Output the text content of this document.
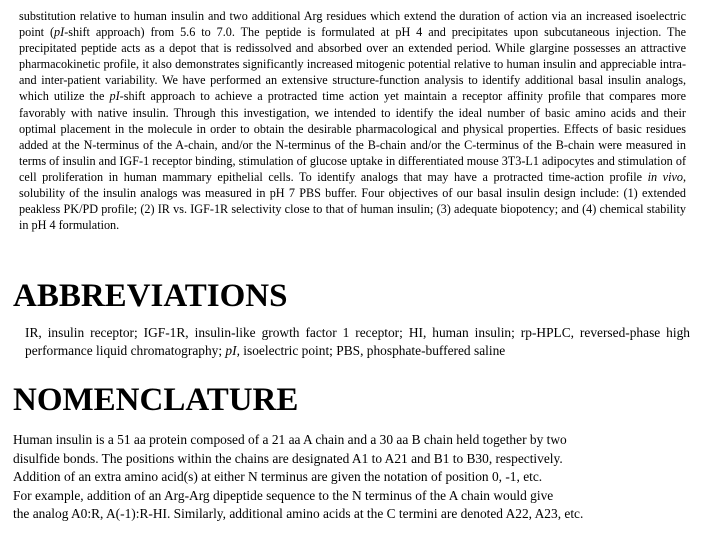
substitution relative to human insulin and two additional Arg residues which extend the duration of action via an increased isoelectric point (pI-shift approach) from 5.6 to 7.0. The peptide is formulated at pH 4 and precipitates upon subcutaneous injection. The precipitated peptide acts as a depot that is redissolved and absorbed over an extended period. While glargine possesses an attractive pharmacokinetic profile, it also demonstrates significantly increased mitogenic potential relative to human insulin and appreciable intra- and inter-patient variability. We have performed an extensive structure-function analysis to identify additional basal insulin analogs, which utilize the pI-shift approach to achieve a protracted time action yet maintain a receptor affinity profile that compares more favorably with native insulin. Through this investigation, we intended to identify the ideal number of basic amino acids and their optimal placement in the molecule in order to obtain the desirable pharmacological and physical properties. Effects of basic residues added at the N-terminus of the A-chain, and/or the N-terminus of the B-chain and/or the C-terminus of the B-chain were measured in terms of insulin and IGF-1 receptor binding, stimulation of glucose uptake in differentiated mouse 3T3-L1 adipocytes and stimulation of cell proliferation in human mammary epithelial cells. To identify analogs that may have a protracted time-action profile in vivo, solubility of the insulin analogs was measured in pH 7 PBS buffer. Four objectives of our basal insulin design include: (1) extended peakless PK/PD profile; (2) IR vs. IGF-1R selectivity close to that of human insulin; (3) adequate biopotency; and (4) chemical stability in pH 4 formulation.

ABBREVIATIONS

IR, insulin receptor; IGF-1R, insulin-like growth factor 1 receptor; HI, human insulin; rp-HPLC, reversed-phase high performance liquid chromatography; pI, isoelectric point; PBS, phosphate-buffered saline

NOMENCLATURE

Human insulin is a 51 aa protein composed of a 21 aa A chain and a 30 aa B chain held together by two
disulfide bonds. The positions within the chains are designated A1 to A21 and B1 to B30, respectively.
Addition of an extra amino acid(s) at either N terminus are given the notation of position 0, -1, etc.
For example, addition of an Arg-Arg dipeptide sequence to the N terminus of the A chain would give
the analog A0:R, A(-1):R-HI. Similarly, additional amino acids at the C termini are denoted A22, A23, etc.
